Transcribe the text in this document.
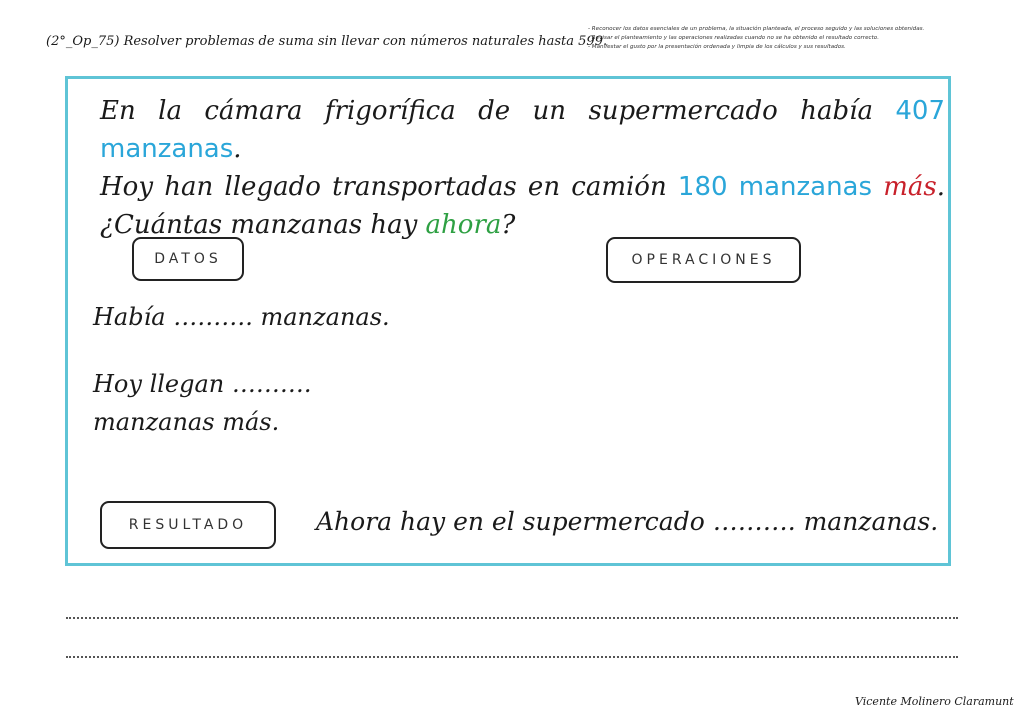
(2°_Op_75) Resolver problemas de suma sin llevar con números naturales hasta 599.
- Reconocer los datos esenciales de un problema, la situación planteada, el proceso seguido y las soluciones obtenidas.
- Revisar el planteamiento y las operaciones realizadas cuando no se ha obtenido el resultado correcto.
- Manifestar el gusto por la presentación ordenada y limpia de los cálculos y sus resultados.
En la cámara frigorífica de un supermercado había 407 manzanas.
Hoy han llegado transportadas en camión 180 manzanas más.
¿Cuántas manzanas hay ahora?
DATOS	OPERACIONES
RESULTADO
Había ………. manzanas.
Hoy llegan ……….
manzanas más.
Ahora hay en el supermercado ………. manzanas.
Vicente Molinero Claramunt
